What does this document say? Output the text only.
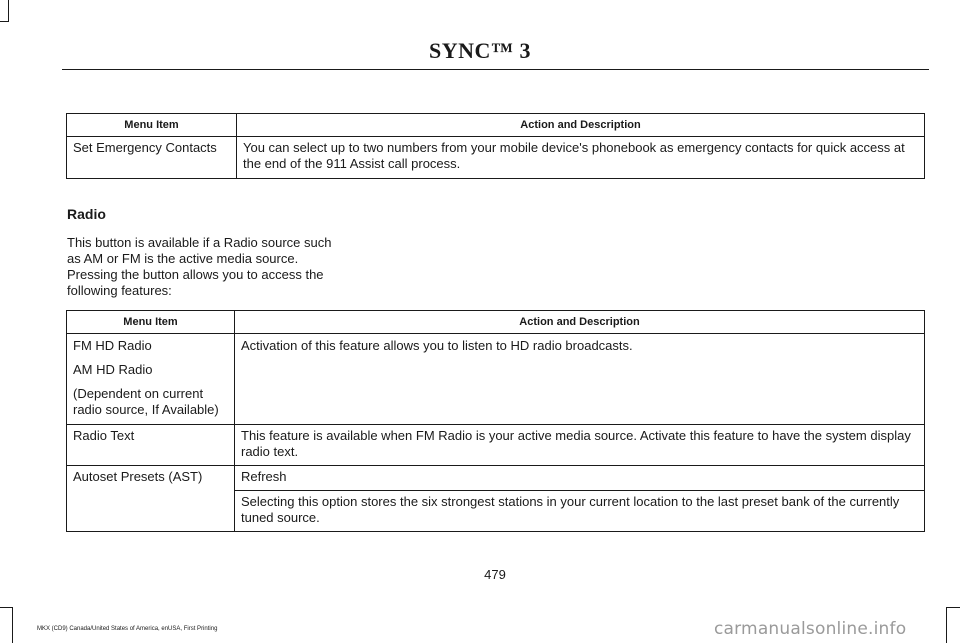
SYNC™ 3
Menu Item	Action and Description
Set Emergency Contacts	You can select up to two numbers from your mobile device's phonebook as emergency contacts for quick access at the end of the 911 Assist call process.
Radio
This button is available if a Radio source such as AM or FM is the active media source. Pressing the button allows you to access the following features:
Menu Item	Action and Description

FM HD Radio

AM HD Radio

(Dependent on current radio source, If Available)	Activation of this feature allows you to listen to HD radio broadcasts.
Radio Text	This feature is available when FM Radio is your active media source. Activate this feature to have the system display radio text.
Autoset Presets (AST)	Refresh
	Selecting this option stores the six strongest stations in your current location to the last preset bank of the currently tuned source.
479
MKX (CD9) Canada/United States of America, enUSA, First Printing	carmanualsonline.info
